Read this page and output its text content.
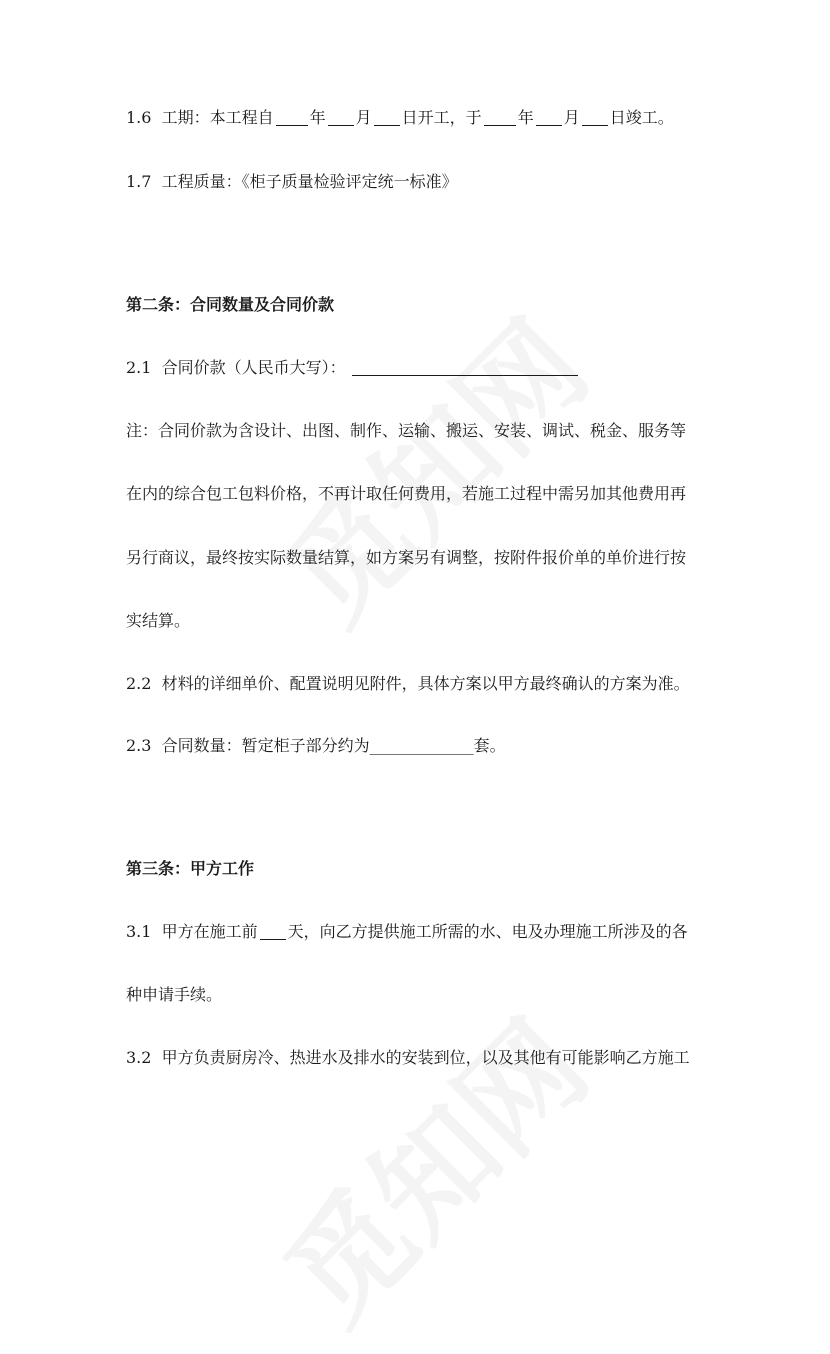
1.6 工期：本工程自 年 月 日开工，于 年 月 日竣工。
1.7 工程质量：《柜子质量检验评定统一标准》
第二条：合同数量及合同价款
2.1 合同价款（人民币大写）：
注：合同价款为含设计、出图、制作、运输、搬运、安装、调试、税金、服务等
在内的综合包工包料价格，不再计取任何费用，若施工过程中需另加其他费用再
另行商议，最终按实际数量结算，如方案另有调整，按附件报价单的单价进行按
实结算。
2.2 材料的详细单价、配置说明见附件，具体方案以甲方最终确认的方案为准。
2.3 合同数量：暂定柜子部分约为_____________套。
第三条：甲方工作
3.1 甲方在施工前 天，向乙方提供施工所需的水、电及办理施工所涉及的各
种申请手续。
3.2 甲方负责厨房冷、热进水及排水的安装到位，以及其他有可能影响乙方施工
